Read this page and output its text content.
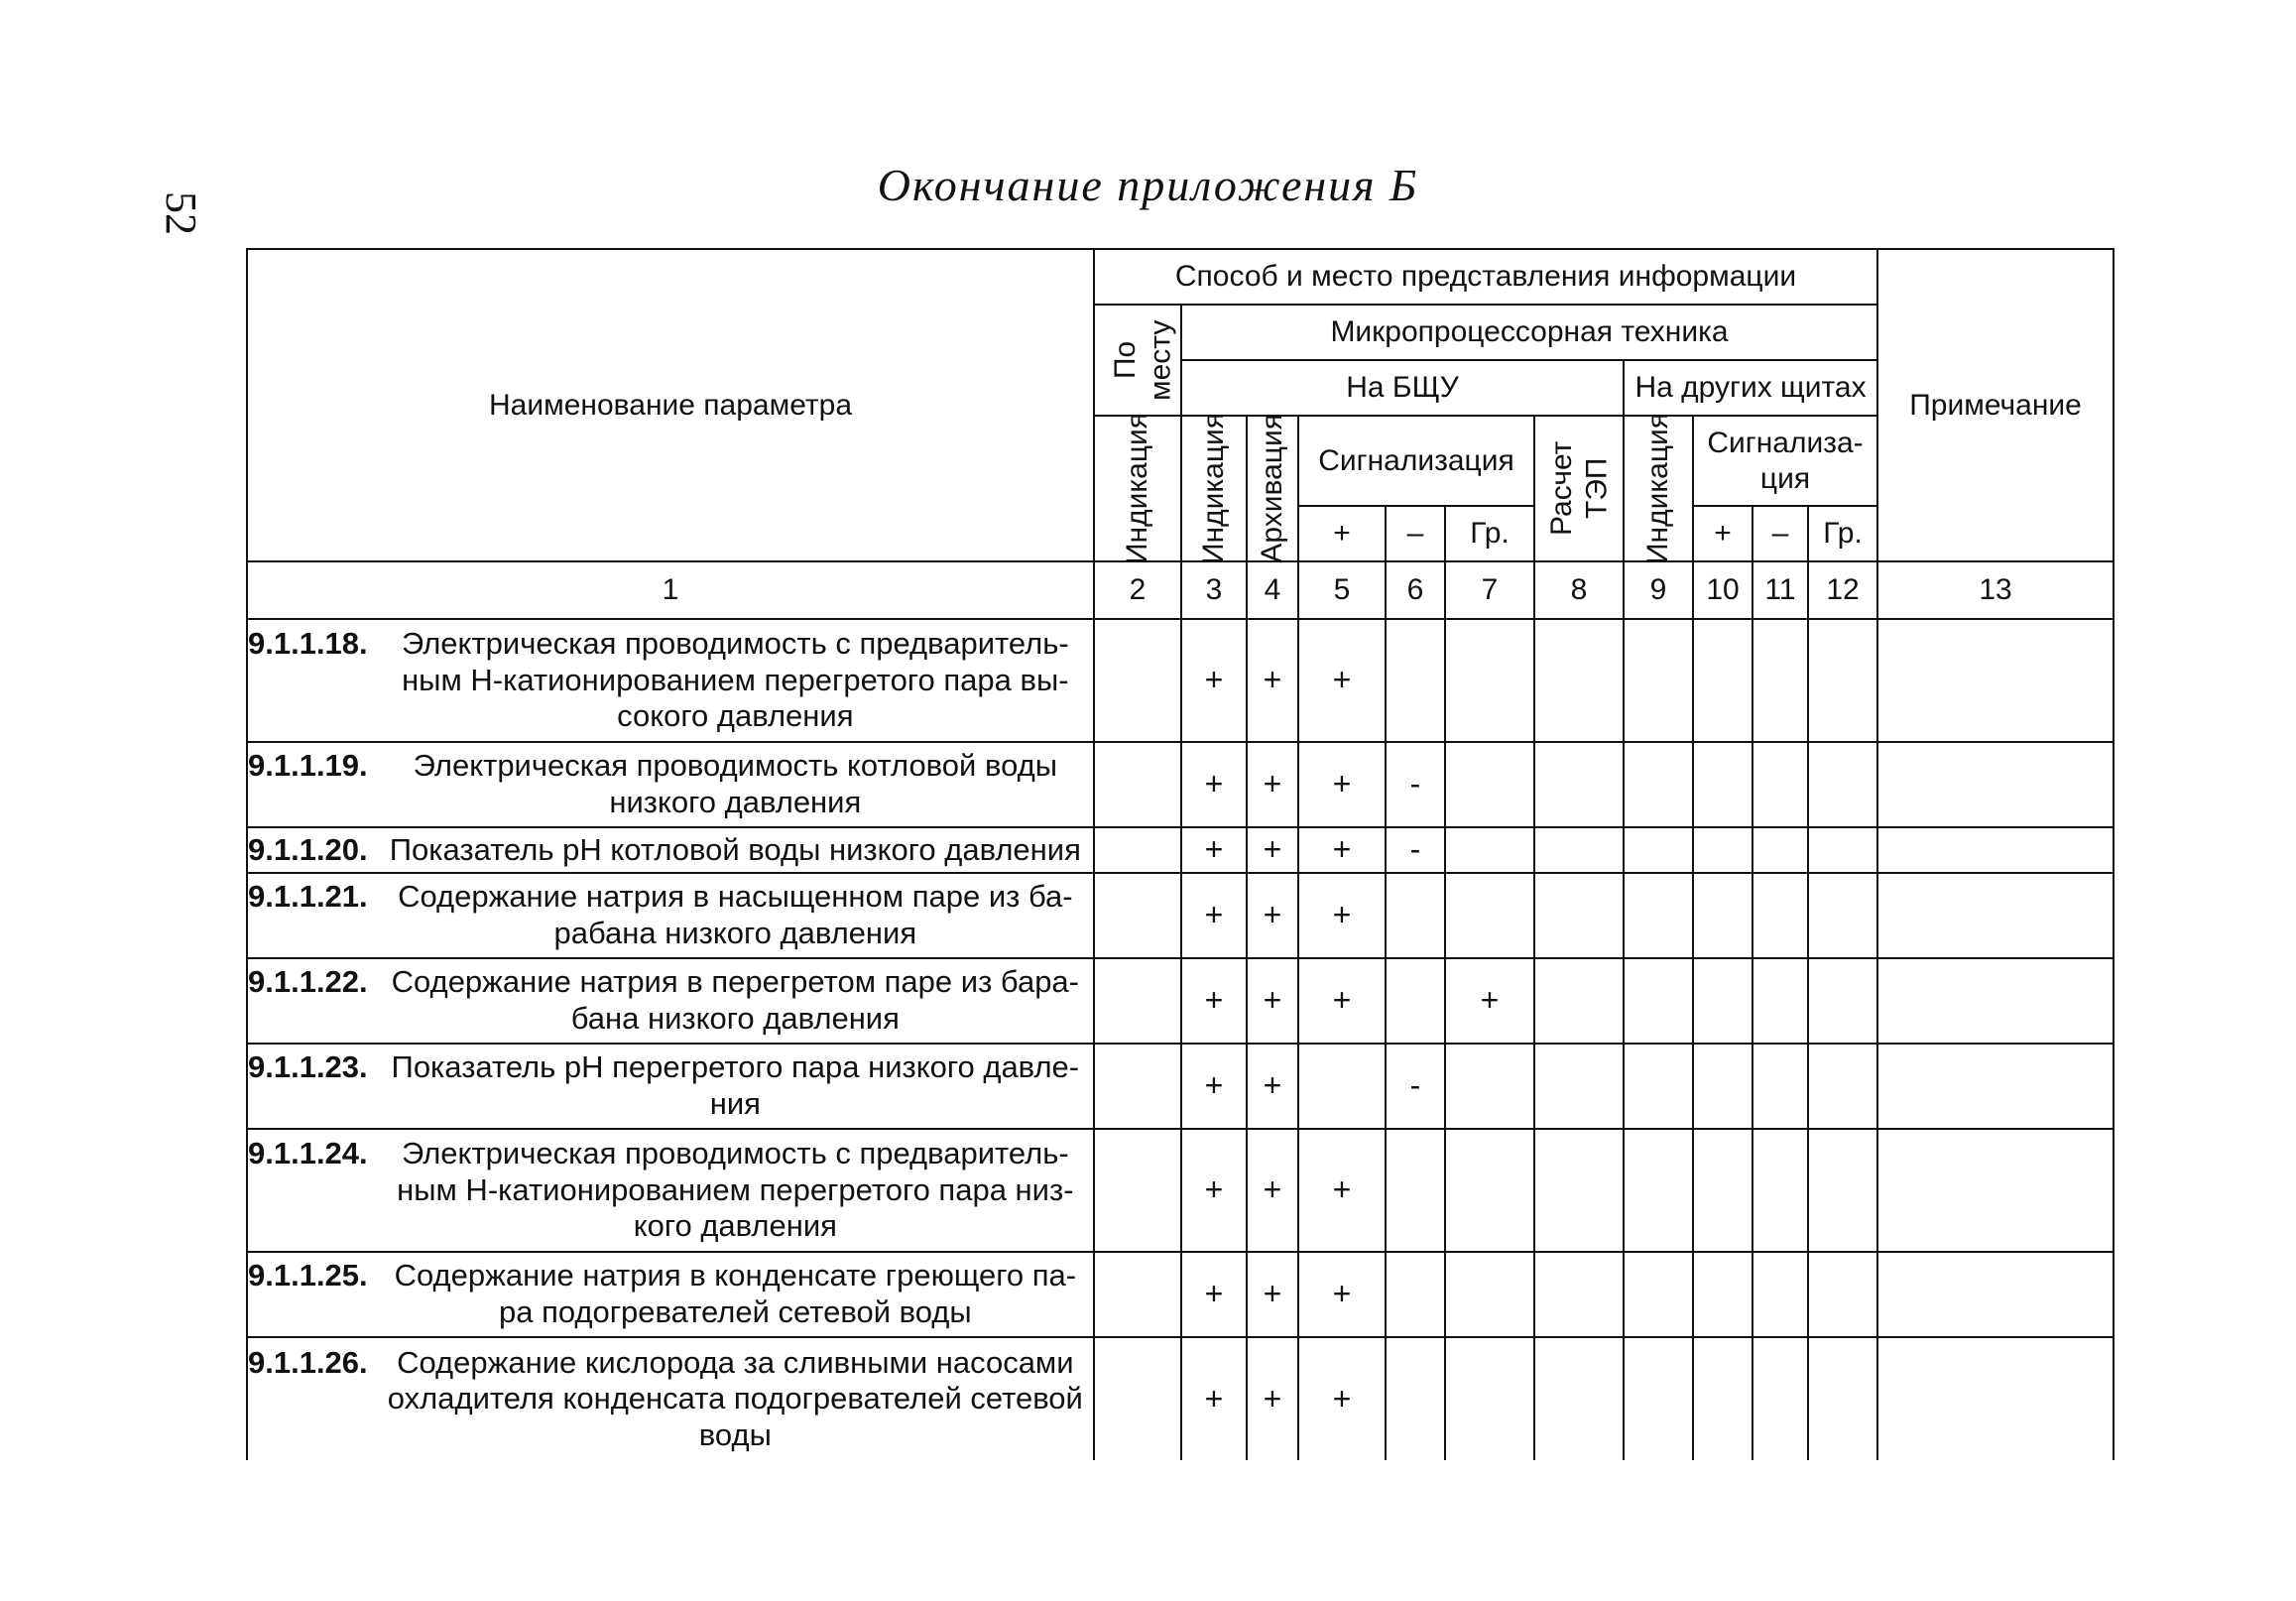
52
Окончание приложения Б
Наименование параметра	Способ и место представления информации											Примечание

	По месту	Микропроцессорная техника										
		На БЩУ						На других щитах				

	Индикация	Индикация	Архивация	Сигнализация			Расчет ТЭП	Индикация	Сигнализа-ция			
				+	–	Гр.			+	–	Гр.	
1	2	3	4	5	6	7	8	9	10	11	12	13

9.1.1.18. Электрическая проводимость с предваритель-ным Н-катионированием перегретого пара вы-сокого давления		+	+	+								

9.1.1.19. Электрическая проводимость котловой воды низкого давления		+	+	+	-							

9.1.1.20. Показатель рН котловой воды низкого давления		+	+	+	-							

9.1.1.21. Содержание натрия в насыщенном паре из ба-рабана низкого давления		+	+	+								

9.1.1.22. Содержание натрия в перегретом паре из бара-бана низкого давления		+	+	+		+						

9.1.1.23. Показатель рН перегретого пара низкого давле-ния		+	+		-							

9.1.1.24. Электрическая проводимость с предваритель-ным Н-катионированием перегретого пара низ-кого давления		+	+	+								

9.1.1.25. Содержание натрия в конденсате греющего па-ра подогревателей сетевой воды		+	+	+								

9.1.1.26. Содержание кислорода за сливными насосами охладителя конденсата подогревателей сетевой воды		+	+	+								
